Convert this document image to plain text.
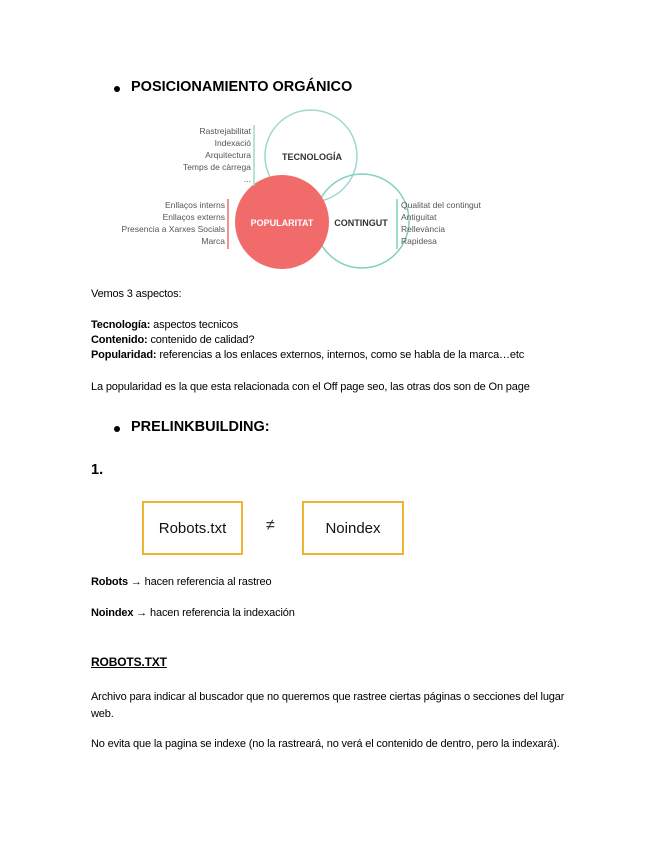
POSICIONAMIENTO ORGÁNICO
TECNOLOGÍA
POPULARITAT CONTINGUT
Rastrejabilitat
Indexació
Arquitectura
Temps de càrrega
...
Enllaços interns
Enllaços externs
Presencia a Xarxes Socials
Marca
Qualitat del contingut
Antiguitat
Rellevància
Rapidesa
Vemos 3 aspectos:
Tecnología: aspectos tecnicos
Contenido: contenido de calidad?
Popularidad: referencias a los enlaces externos, internos, como se habla de la marca…etc
La popularidad es la que esta relacionada con el Off page seo, las otras dos son de On page
PRELINKBUILDING:
1.
Robots.txt	≠	Noindex
Robots → hacen referencia al rastreo
Noindex → hacen referencia la indexación
ROBOTS.TXT
Archivo para indicar al buscador que no queremos que rastree ciertas páginas o secciones del lugar web.
No evita que la pagina se indexe (no la rastreará, no verá el contenido de dentro, pero la indexará).
